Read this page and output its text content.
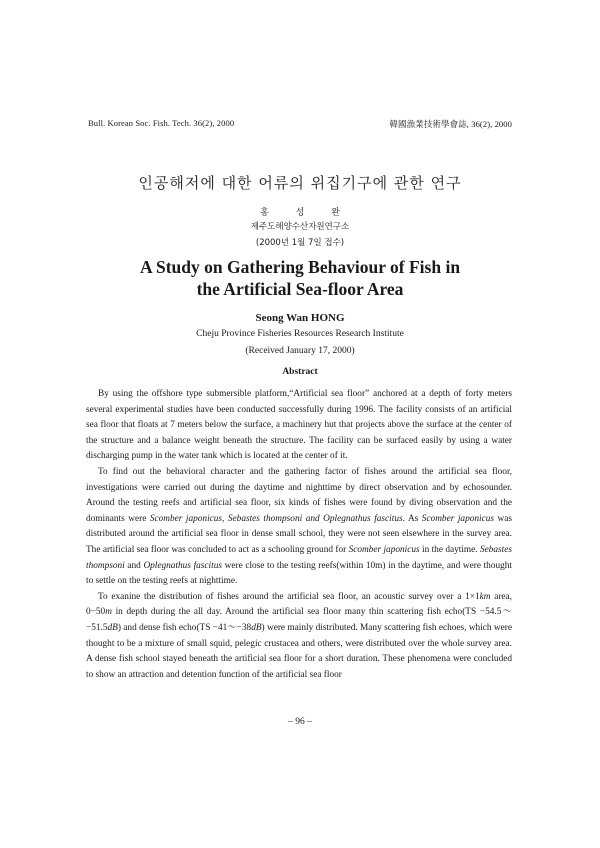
Bull. Korean Soc. Fish. Tech. 36(2), 2000	韓國漁業技術學會誌, 36(2), 2000
인공해저에 대한 어류의 위집기구에 관한 연구
홍 성 완
제주도해양수산자원연구소
(2000년 1월 7일 접수)
A Study on Gathering Behaviour of Fish in
the Artificial Sea-floor Area
Seong Wan HONG
Cheju Province Fisheries Resources Research Institute
(Received January 17, 2000)
Abstract

By using the offshore type submersible platform,“Artificial sea floor” anchored at a depth of forty meters several experimental studies have been conducted successfully during 1996. The facility consists of an artificial sea floor that floats at 7 meters below the surface, a machinery hut that projects above the surface at the center of the structure and a balance weight beneath the structure. The facility can be surfaced easily by using a water discharging pump in the water tank which is located at the center of it.

To find out the behavioral character and the gathering factor of fishes around the artificial sea floor, investigations were carried out during the daytime and nighttime by direct observation and by echosounder. Around the testing reefs and artificial sea floor, six kinds of fishes were found by diving observation and the dominants were Scomber japonicus, Sebastes thompsoni and Oplegnathus fascitus. As Scomber japonicus was distributed around the artificial sea floor in dense small school, they were not seen elsewhere in the survey area. The artificial sea floor was concluded to act as a schooling ground for Scomber japonicus in the daytime. Sebastes thompsoni and Oplegnathus fascitus were close to the testing reefs(within 10m) in the daytime, and were thought to settle on the testing reefs at nighttime.

To exanine the distribution of fishes around the artificial sea floor, an acoustic survey over a 1×1km area, 0−50m in depth during the all day. Around the artificial sea floor many thin scattering fish echo(TS −54.5～−51.5dB) and dense fish echo(TS −41～−38dB) were mainly distributed. Many scattering fish echoes, which were thought to be a mixture of small squid, pelegic crustacea and others, were distributed over the whole survey area. A dense fish school stayed beneath the artificial sea floor for a short duration. These phenomena were concluded to show an attraction and detention function of the artificial sea floor

– 96 –
